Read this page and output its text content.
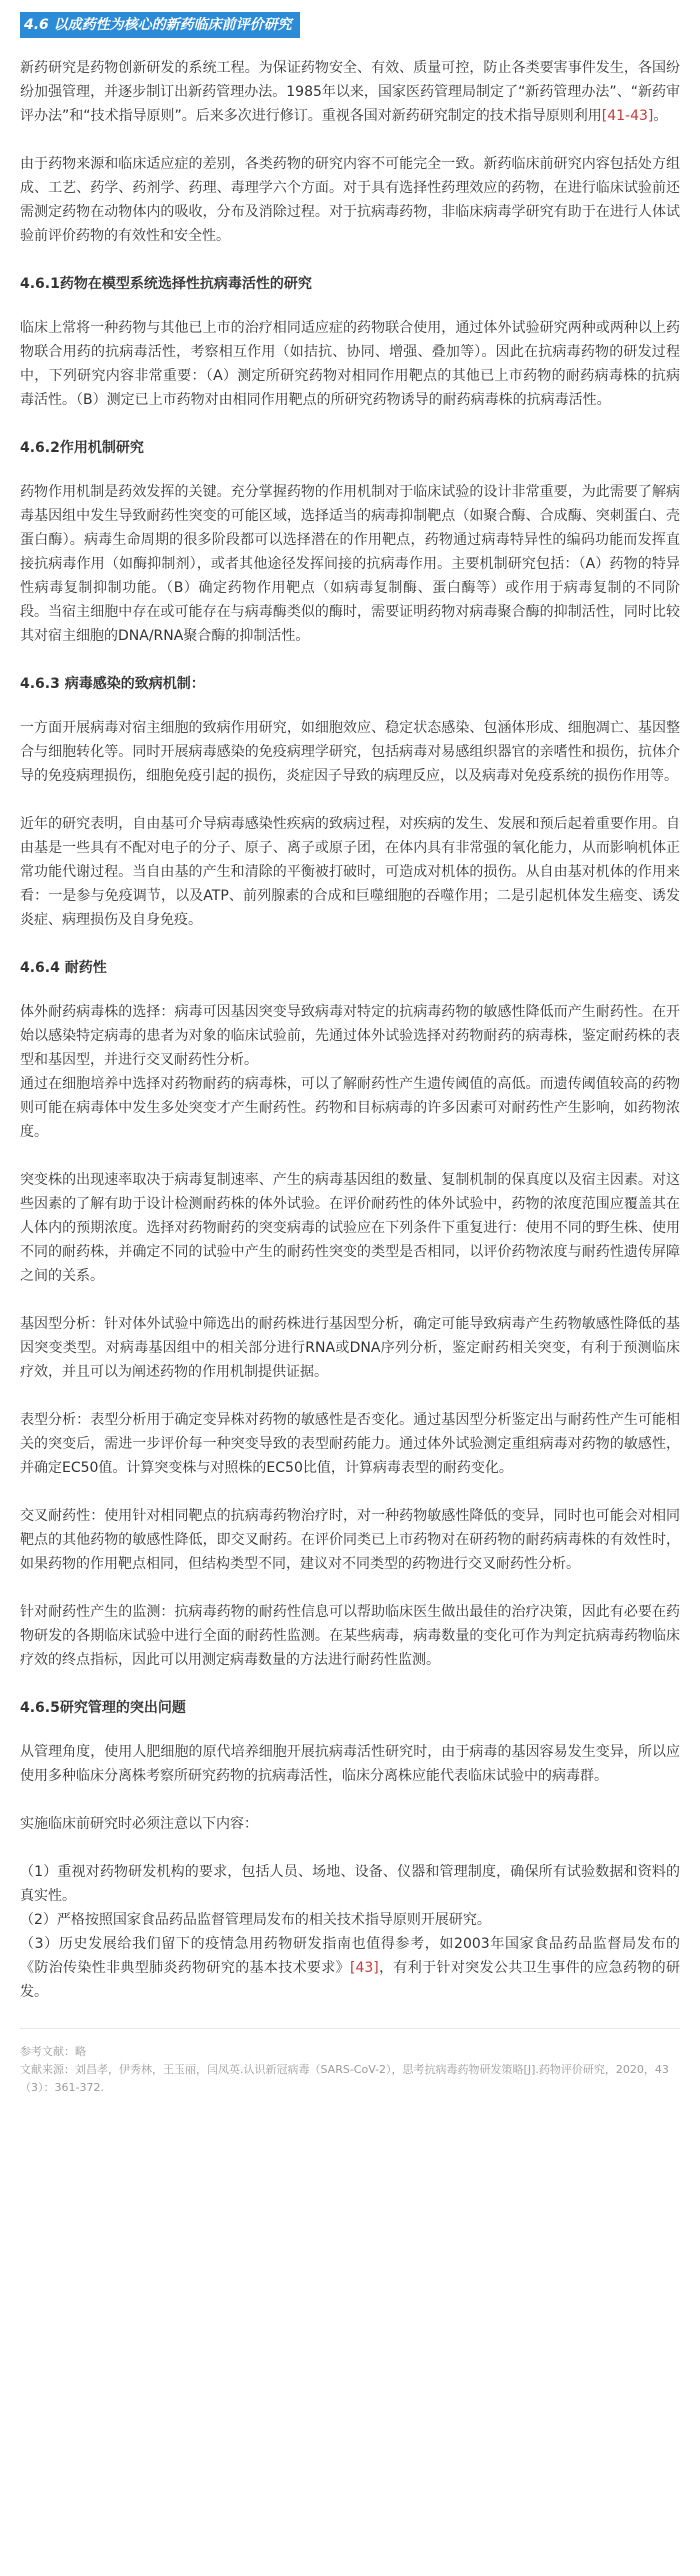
4.6 以成药性为核心的新药临床前评价研究

新药研究是药物创新研发的系统工程。为保证药物安全、有效、质量可控，防止各类要害事件发生，各国纷纷加强管理，并逐步制订出新药管理办法。1985年以来，国家医药管理局制定了“新药管理办法”、“新药审评办法”和“技术指导原则”。后来多次进行修订。重视各国对新药研究制定的技术指导原则利用[41-43]。

由于药物来源和临床适应症的差别，各类药物的研究内容不可能完全一致。新药临床前研究内容包括处方组成、工艺、药学、药剂学、药理、毒理学六个方面。对于具有选择性药理效应的药物，在进行临床试验前还需测定药物在动物体内的吸收，分布及消除过程。对于抗病毒药物，非临床病毒学研究有助于在进行人体试验前评价药物的有效性和安全性。

4.6.1药物在模型系统选择性抗病毒活性的研究

临床上常将一种药物与其他已上市的治疗相同适应症的药物联合使用，通过体外试验研究两种或两种以上药物联合用药的抗病毒活性，考察相互作用（如拮抗、协同、增强、叠加等）。因此在抗病毒药物的研发过程中，下列研究内容非常重要：（A）测定所研究药物对相同作用靶点的其他已上市药物的耐药病毒株的抗病毒活性。（B）测定已上市药物对由相同作用靶点的所研究药物诱导的耐药病毒株的抗病毒活性。

4.6.2作用机制研究

药物作用机制是药效发挥的关键。充分掌握药物的作用机制对于临床试验的设计非常重要，为此需要了解病毒基因组中发生导致耐药性突变的可能区域，选择适当的病毒抑制靶点（如聚合酶、合成酶、突刺蛋白、壳蛋白酶）。病毒生命周期的很多阶段都可以选择潜在的作用靶点，药物通过病毒特异性的编码功能而发挥直接抗病毒作用（如酶抑制剂），或者其他途径发挥间接的抗病毒作用。主要机制研究包括：（A）药物的特异性病毒复制抑制功能。（B）确定药物作用靶点（如病毒复制酶、蛋白酶等）或作用于病毒复制的不同阶段。当宿主细胞中存在或可能存在与病毒酶类似的酶时，需要证明药物对病毒聚合酶的抑制活性，同时比较其对宿主细胞的DNA/RNA聚合酶的抑制活性。

4.6.3 病毒感染的致病机制：

一方面开展病毒对宿主细胞的致病作用研究，如细胞效应、稳定状态感染、包涵体形成、细胞凋亡、基因整合与细胞转化等。同时开展病毒感染的免疫病理学研究，包括病毒对易感组织器官的亲嗜性和损伤，抗体介导的免疫病理损伤，细胞免疫引起的损伤，炎症因子导致的病理反应，以及病毒对免疫系统的损伤作用等。

近年的研究表明，自由基可介导病毒感染性疾病的致病过程，对疾病的发生、发展和预后起着重要作用。自由基是一些具有不配对电子的分子、原子、离子或原子团，在体内具有非常强的氧化能力，从而影响机体正常功能代谢过程。当自由基的产生和清除的平衡被打破时，可造成对机体的损伤。从自由基对机体的作用来看：一是参与免疫调节，以及ATP、前列腺素的合成和巨噬细胞的吞噬作用；二是引起机体发生癌变、诱发炎症、病理损伤及自身免疫。

4.6.4 耐药性

体外耐药病毒株的选择：病毒可因基因突变导致病毒对特定的抗病毒药物的敏感性降低而产生耐药性。在开始以感染特定病毒的患者为对象的临床试验前，先通过体外试验选择对药物耐药的病毒株，鉴定耐药株的表型和基因型，并进行交叉耐药性分析。

通过在细胞培养中选择对药物耐药的病毒株，可以了解耐药性产生遗传阈值的高低。而遗传阈值较高的药物则可能在病毒体中发生多处突变才产生耐药性。药物和目标病毒的许多因素可对耐药性产生影响，如药物浓度。

突变株的出现速率取决于病毒复制速率、产生的病毒基因组的数量、复制机制的保真度以及宿主因素。对这些因素的了解有助于设计检测耐药株的体外试验。在评价耐药性的体外试验中，药物的浓度范围应覆盖其在人体内的预期浓度。选择对药物耐药的突变病毒的试验应在下列条件下重复进行：使用不同的野生株、使用不同的耐药株，并确定不同的试验中产生的耐药性突变的类型是否相同，以评价药物浓度与耐药性遗传屏障之间的关系。

基因型分析：针对体外试验中筛选出的耐药株进行基因型分析，确定可能导致病毒产生药物敏感性降低的基因突变类型。对病毒基因组中的相关部分进行RNA或DNA序列分析，鉴定耐药相关突变，有利于预测临床疗效，并且可以为阐述药物的作用机制提供证据。

表型分析：表型分析用于确定变异株对药物的敏感性是否变化。通过基因型分析鉴定出与耐药性产生可能相关的突变后，需进一步评价每一种突变导致的表型耐药能力。通过体外试验测定重组病毒对药物的敏感性，并确定EC50值。计算突变株与对照株的EC50比值，计算病毒表型的耐药变化。

交叉耐药性：使用针对相同靶点的抗病毒药物治疗时，对一种药物敏感性降低的变异，同时也可能会对相同靶点的其他药物的敏感性降低，即交叉耐药。在评价同类已上市药物对在研药物的耐药病毒株的有效性时，如果药物的作用靶点相同，但结构类型不同，建议对不同类型的药物进行交叉耐药性分析。

针对耐药性产生的监测：抗病毒药物的耐药性信息可以帮助临床医生做出最佳的治疗决策，因此有必要在药物研发的各期临床试验中进行全面的耐药性监测。在某些病毒，病毒数量的变化可作为判定抗病毒药物临床疗效的终点指标，因此可以用测定病毒数量的方法进行耐药性监测。

4.6.5研究管理的突出问题

从管理角度，使用人肥细胞的原代培养细胞开展抗病毒活性研究时，由于病毒的基因容易发生变异，所以应使用多种临床分离株考察所研究药物的抗病毒活性，临床分离株应能代表临床试验中的病毒群。

实施临床前研究时必须注意以下内容：

（1）重视对药物研发机构的要求，包括人员、场地、设备、仪器和管理制度，确保所有试验数据和资料的真实性。

（2）严格按照国家食品药品监督管理局发布的相关技术指导原则开展研究。

（3）历史发展给我们留下的疫情急用药物研发指南也值得参考，如2003年国家食品药品监督局发布的《防治传染性非典型肺炎药物研究的基本技术要求》[43]，有利于针对突发公共卫生事件的应急药物的研发。

参考文献：略
文献来源：刘昌孝，伊秀林，王玉丽，闫凤英.认识新冠病毒（SARS-CoV-2），思考抗病毒药物研发策略[J].药物评价研究，2020，43（3）：361-372.
